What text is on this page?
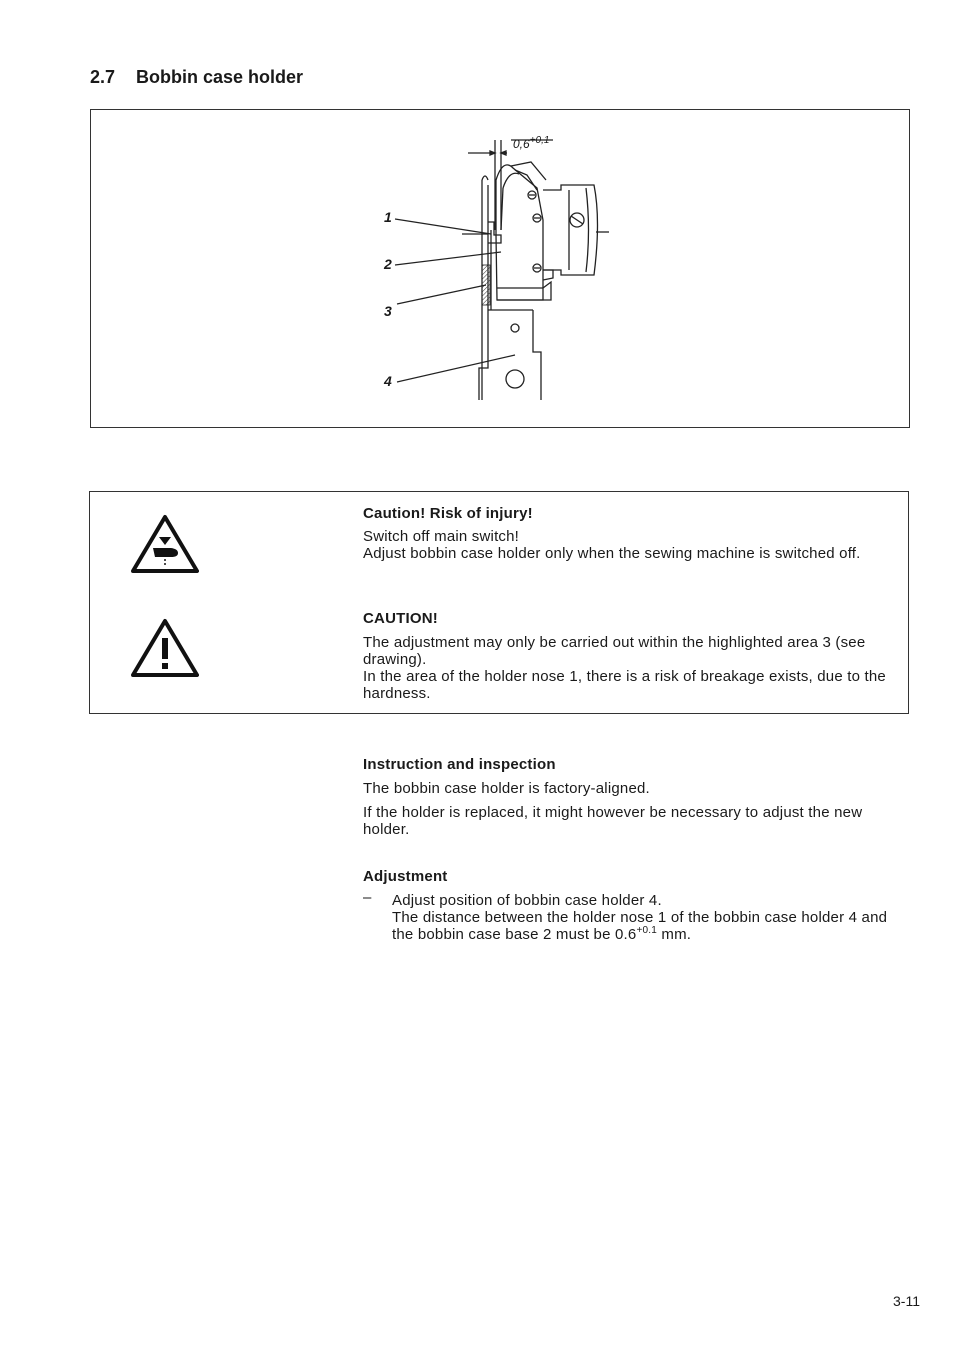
2.7 Bobbin case holder
$0,6^{+0,1}$
1
2
3
4

Caution! Risk of injury!

Switch off main switch!

Adjust bobbin case holder only when the sewing machine is switched off.

CAUTION!

The adjustment may only be carried out within the highlighted area 3 (see drawing).

In the area of the holder nose 1, there is a risk of breakage exists, due to the hardness.

Instruction and inspection

The bobbin case holder is factory-aligned.

If the holder is replaced, it might however be necessary to adjust the new holder.

Adjustment

– Adjust position of bobbin case holder 4.

The distance between the holder nose 1 of the bobbin case holder 4 and the bobbin case base 2 must be $0.6^{+0.1}$ mm.

3-11
